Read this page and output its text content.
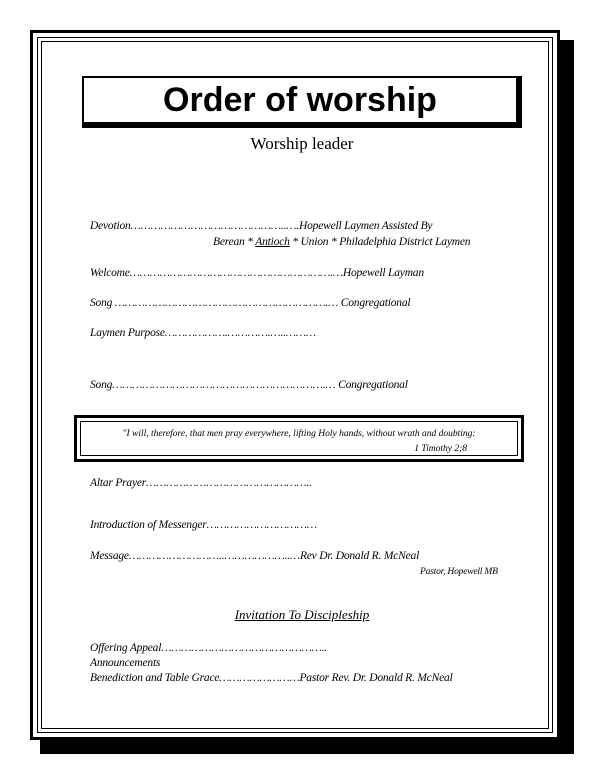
Order of worship
Worship leader
Devotion………………………………………..….Hopewell Laymen Assisted By
Berean * Antioch * Union * Philadelphia District Laymen
Welcome…………………………………………………….…Hopewell Layman
Song ……………………………………………………….… Congregational
Laymen Purpose……………….………….…..………
Song……………………………………………………….… Congregational
"I will, therefore, that men pray everywhere, lifting Holy hands, without wrath and doubting:
1 Timothy 2;8
Altar Prayer…………………………………………..
Introduction of Messenger……………………………
Message………………………..………………..…Rev Dr. Donald R. McNeal
Pastor, Hopewell MB
Invitation To Discipleship
Offering Appeal…………………………………………..
Announcements
Benediction and Table Grace……………………Pastor Rev. Dr. Donald R. McNeal
